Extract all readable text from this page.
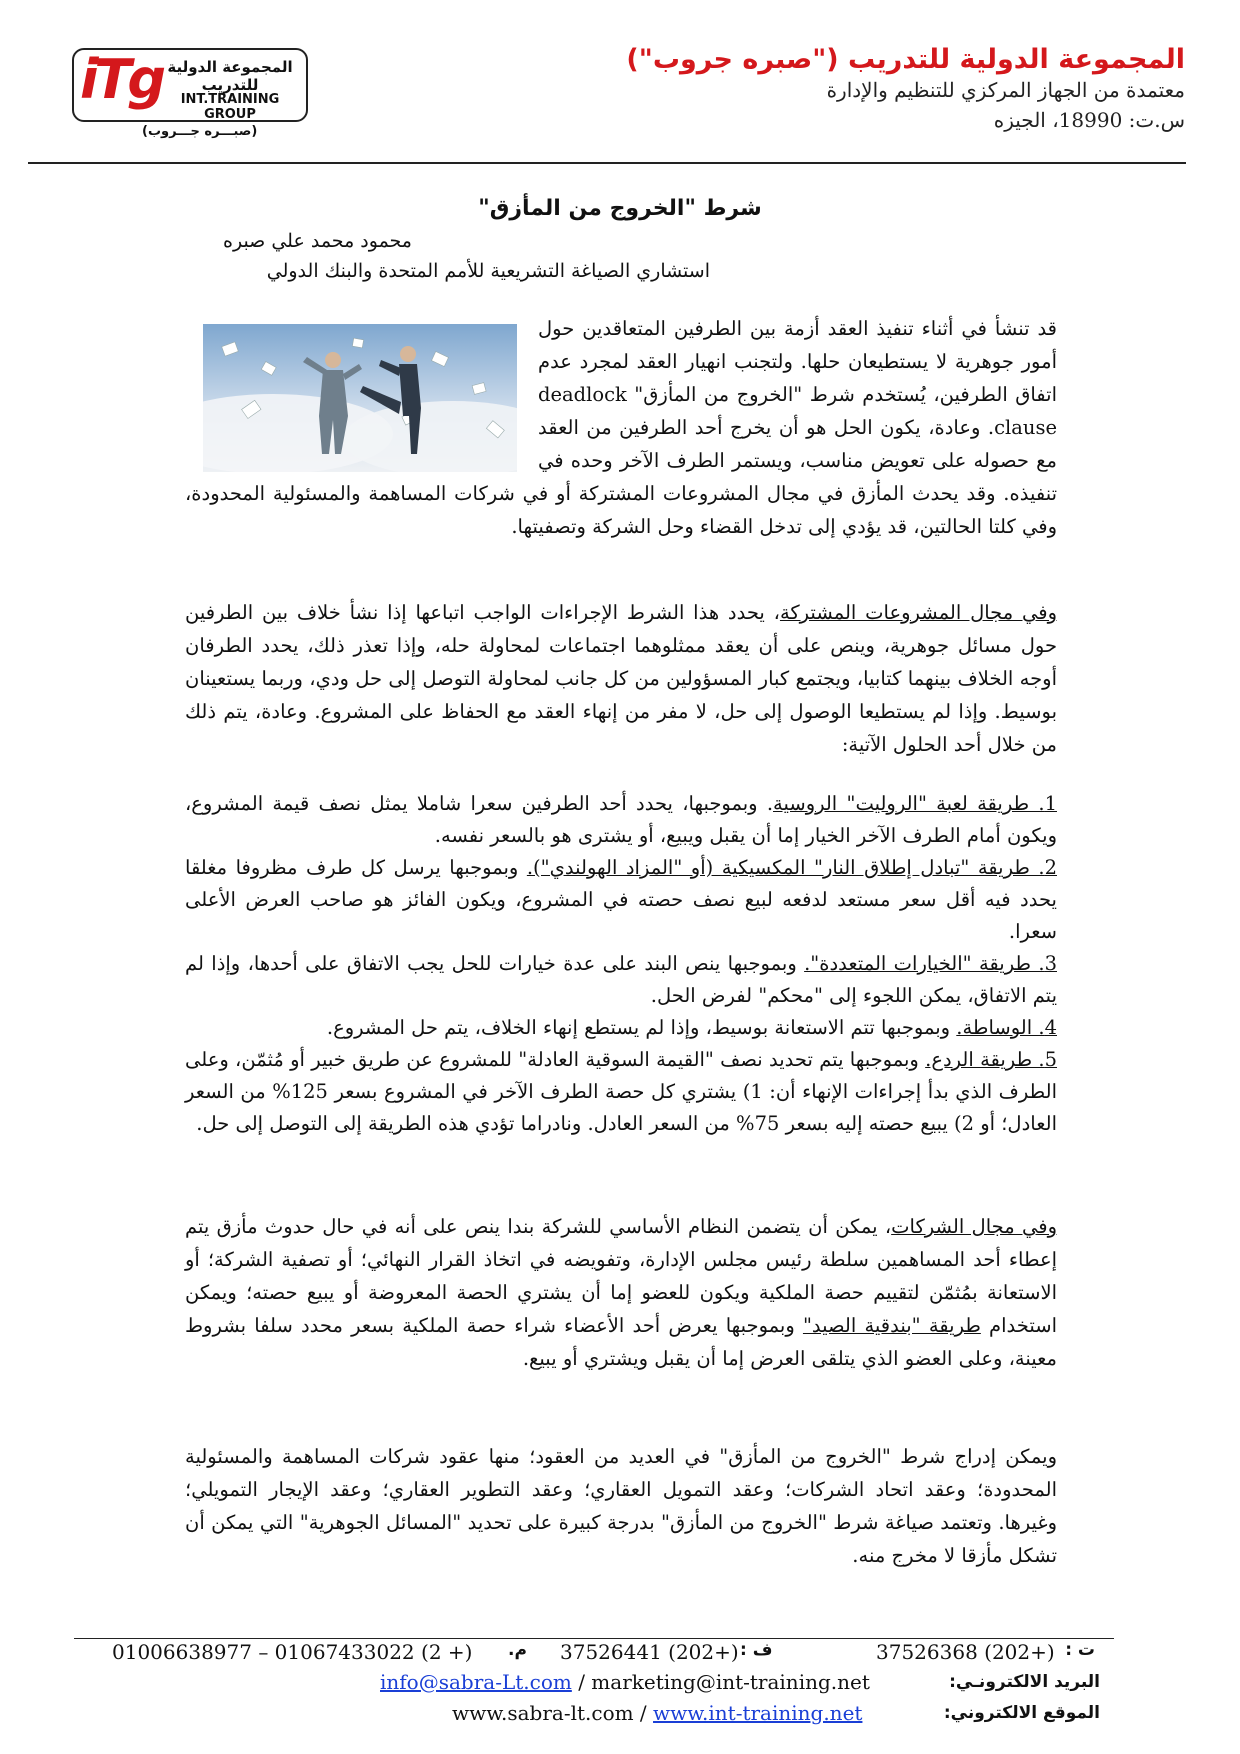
المجموعة الدولية للتدريب ("صبره جروب")
معتمدة من الجهاز المركزي للتنظيم والإدارة
س.ت: 18990، الجيزه
iTg المجموعة الدولية للتدريب
INT.TRAINING GROUP
(صبـــره جـــروب)
شرط "الخروج من المأزق"
محمود محمد علي صبره
استشاري الصياغة التشريعية للأمم المتحدة والبنك الدولي
قد تنشأ في أثناء تنفيذ العقد أزمة بين الطرفين المتعاقدين حول أمور جوهرية لا يستطيعان حلها. ولتجنب انهيار العقد لمجرد عدم اتفاق الطرفين، يُستخدم شرط "الخروج من المأزق" deadlock clause. وعادة، يكون الحل هو أن يخرج أحد الطرفين من العقد مع حصوله على تعويض مناسب، ويستمر الطرف الآخر وحده في
تنفيذه. وقد يحدث المأزق في مجال المشروعات المشتركة أو في شركات المساهمة والمسئولية المحدودة، وفي كلتا الحالتين، قد يؤدي إلى تدخل القضاء وحل الشركة وتصفيتها.
وفي مجال المشروعات المشتركة، يحدد هذا الشرط الإجراءات الواجب اتباعها إذا نشأ خلاف بين الطرفين حول مسائل جوهرية، وينص على أن يعقد ممثلوهما اجتماعات لمحاولة حله، وإذا تعذر ذلك، يحدد الطرفان أوجه الخلاف بينهما كتابيا، ويجتمع كبار المسؤولين من كل جانب لمحاولة التوصل إلى حل ودي، وربما يستعينان بوسيط. وإذا لم يستطيعا الوصول إلى حل، لا مفر من إنهاء العقد مع الحفاظ على المشروع. وعادة، يتم ذلك من خلال أحد الحلول الآتية:
1. طريقة لعبة "الروليت" الروسية. وبموجبها، يحدد أحد الطرفين سعرا شاملا يمثل نصف قيمة المشروع، ويكون أمام الطرف الآخر الخيار إما أن يقبل ويبيع، أو يشترى هو بالسعر نفسه.
2. طريقة "تبادل إطلاق النار" المكسيكية (أو "المزاد الهولندي"). وبموجبها يرسل كل طرف مظروفا مغلقا يحدد فيه أقل سعر مستعد لدفعه لبيع نصف حصته في المشروع، ويكون الفائز هو صاحب العرض الأعلى سعرا.
3. طريقة "الخيارات المتعددة". وبموجبها ينص البند على عدة خيارات للحل يجب الاتفاق على أحدها، وإذا لم يتم الاتفاق، يمكن اللجوء إلى "محكم" لفرض الحل.
4. الوساطة. وبموجبها تتم الاستعانة بوسيط، وإذا لم يستطع إنهاء الخلاف، يتم حل المشروع.
5. طريقة الردع. وبموجبها يتم تحديد نصف "القيمة السوقية العادلة" للمشروع عن طريق خبير أو مُثمّن، وعلى الطرف الذي بدأ إجراءات الإنهاء أن: 1) يشتري كل حصة الطرف الآخر في المشروع بسعر 125% من السعر العادل؛ أو 2) يبيع حصته إليه بسعر 75% من السعر العادل. ونادراما تؤدي هذه الطريقة إلى التوصل إلى حل.
وفي مجال الشركات، يمكن أن يتضمن النظام الأساسي للشركة بندا ينص على أنه في حال حدوث مأزق يتم إعطاء أحد المساهمين سلطة رئيس مجلس الإدارة، وتفويضه في اتخاذ القرار النهائي؛ أو تصفية الشركة؛ أو الاستعانة بمُثمّن لتقييم حصة الملكية ويكون للعضو إما أن يشتري الحصة المعروضة أو يبيع حصته؛ ويمكن استخدام طريقة "بندقية الصيد" وبموجبها يعرض أحد الأعضاء شراء حصة الملكية بسعر محدد سلفا بشروط معينة، وعلى العضو الذي يتلقى العرض إما أن يقبل ويشتري أو يبيع.
ويمكن إدراج شرط "الخروج من المأزق" في العديد من العقود؛ منها عقود شركات المساهمة والمسئولية المحدودة؛ وعقد اتحاد الشركات؛ وعقد التمويل العقاري؛ وعقد التطوير العقاري؛ وعقد الإيجار التمويلي؛ وغيرها. وتعتمد صياغة شرط "الخروج من المأزق" بدرجة كبيرة على تحديد "المسائل الجوهرية" التي يمكن أن تشكل مأزقا لا مخرج منه.
ت :
37526368 (202+)
ف :
37526441 (202+)
م.
01006638977 – 01067433022 (2 +)
البريد الالكترونـي:
info@sabra-Lt.com / marketing@int-training.net
الموقع الالكتروني:
www.sabra-lt.com / www.int-training.net
